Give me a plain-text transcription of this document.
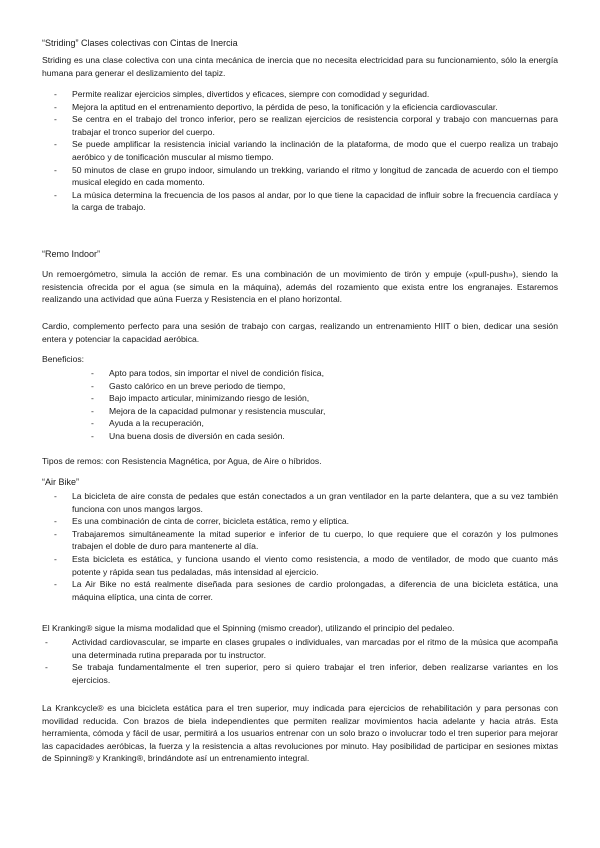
“Striding” Clases colectivas con Cintas de Inercia
Striding es una clase colectiva con una cinta mecánica de inercia que no necesita electricidad para su funcionamiento, sólo la energía humana para generar el deslizamiento del tapiz.
- Permite realizar ejercicios simples, divertidos y eficaces, siempre con comodidad y seguridad.
- Mejora la aptitud en el entrenamiento deportivo, la pérdida de peso, la tonificación y la eficiencia cardiovascular.
- Se centra en el trabajo del tronco inferior, pero se realizan ejercicios de resistencia corporal y trabajo con mancuernas para trabajar el tronco superior del cuerpo.
- Se puede amplificar la resistencia inicial variando la inclinación de la plataforma, de modo que el cuerpo realiza un trabajo aeróbico y de tonificación muscular al mismo tiempo.
- 50 minutos de clase en grupo indoor, simulando un trekking, variando el ritmo y longitud de zancada de acuerdo con el tiempo musical elegido en cada momento.
- La música determina la frecuencia de los pasos al andar, por lo que tiene la capacidad de influir sobre la frecuencia cardíaca y la carga de trabajo.
“Remo Indoor”
Un remoergómetro, simula la acción de remar. Es una combinación de un movimiento de tirón y empuje («pull-push»), siendo la resistencia ofrecida por el agua (se simula en la máquina), además del rozamiento que exista entre los engranajes. Estaremos realizando una actividad que aúna Fuerza y Resistencia en el plano horizontal.
Cardio, complemento perfecto para una sesión de trabajo con cargas, realizando un entrenamiento HIIT o bien, dedicar una sesión entera y potenciar la capacidad aeróbica.
Beneficios:
- Apto para todos, sin importar el nivel de condición física,
- Gasto calórico en un breve periodo de tiempo,
- Bajo impacto articular, minimizando riesgo de lesión,
- Mejora de la capacidad pulmonar y resistencia muscular,
- Ayuda a la recuperación,
- Una buena dosis de diversión en cada sesión.
Tipos de remos: con Resistencia Magnética, por Agua, de Aire o híbridos.
“Air Bike”
- La bicicleta de aire consta de pedales que están conectados a un gran ventilador en la parte delantera, que a su vez también funciona con unos mangos largos.
- Es una combinación de cinta de correr, bicicleta estática, remo y elíptica.
- Trabajaremos simultáneamente la mitad superior e inferior de tu cuerpo, lo que requiere que el corazón y los pulmones trabajen el doble de duro para mantenerte al día.
- Esta bicicleta es estática, y funciona usando el viento como resistencia, a modo de ventilador, de modo que cuanto más potente y rápida sean tus pedaladas, más intensidad al ejercicio.
- La Air Bike no está realmente diseñada para sesiones de cardio prolongadas, a diferencia de una bicicleta estática, una máquina elíptica, una cinta de correr.
El Kranking® sigue la misma modalidad que el Spinning (mismo creador), utilizando el principio del pedaleo.
- Actividad cardiovascular, se imparte en clases grupales o individuales, van marcadas por el ritmo de la música que acompaña una determinada rutina preparada por tu instructor.
- Se trabaja fundamentalmente el tren superior, pero si quiero trabajar el tren inferior, deben realizarse variantes en los ejercicios.
La Krankcycle® es una bicicleta estática para el tren superior, muy indicada para ejercicios de rehabilitación y para personas con movilidad reducida. Con brazos de biela independientes que permiten realizar movimientos hacia adelante y hacia atrás. Esta herramienta, cómoda y fácil de usar, permitirá a los usuarios entrenar con un solo brazo o involucrar todo el tren superior para mejorar las capacidades aeróbicas, la fuerza y la resistencia a altas revoluciones por minuto. Hay posibilidad de participar en sesiones mixtas de Spinning® y Kranking®, brindándote así un entrenamiento integral.
